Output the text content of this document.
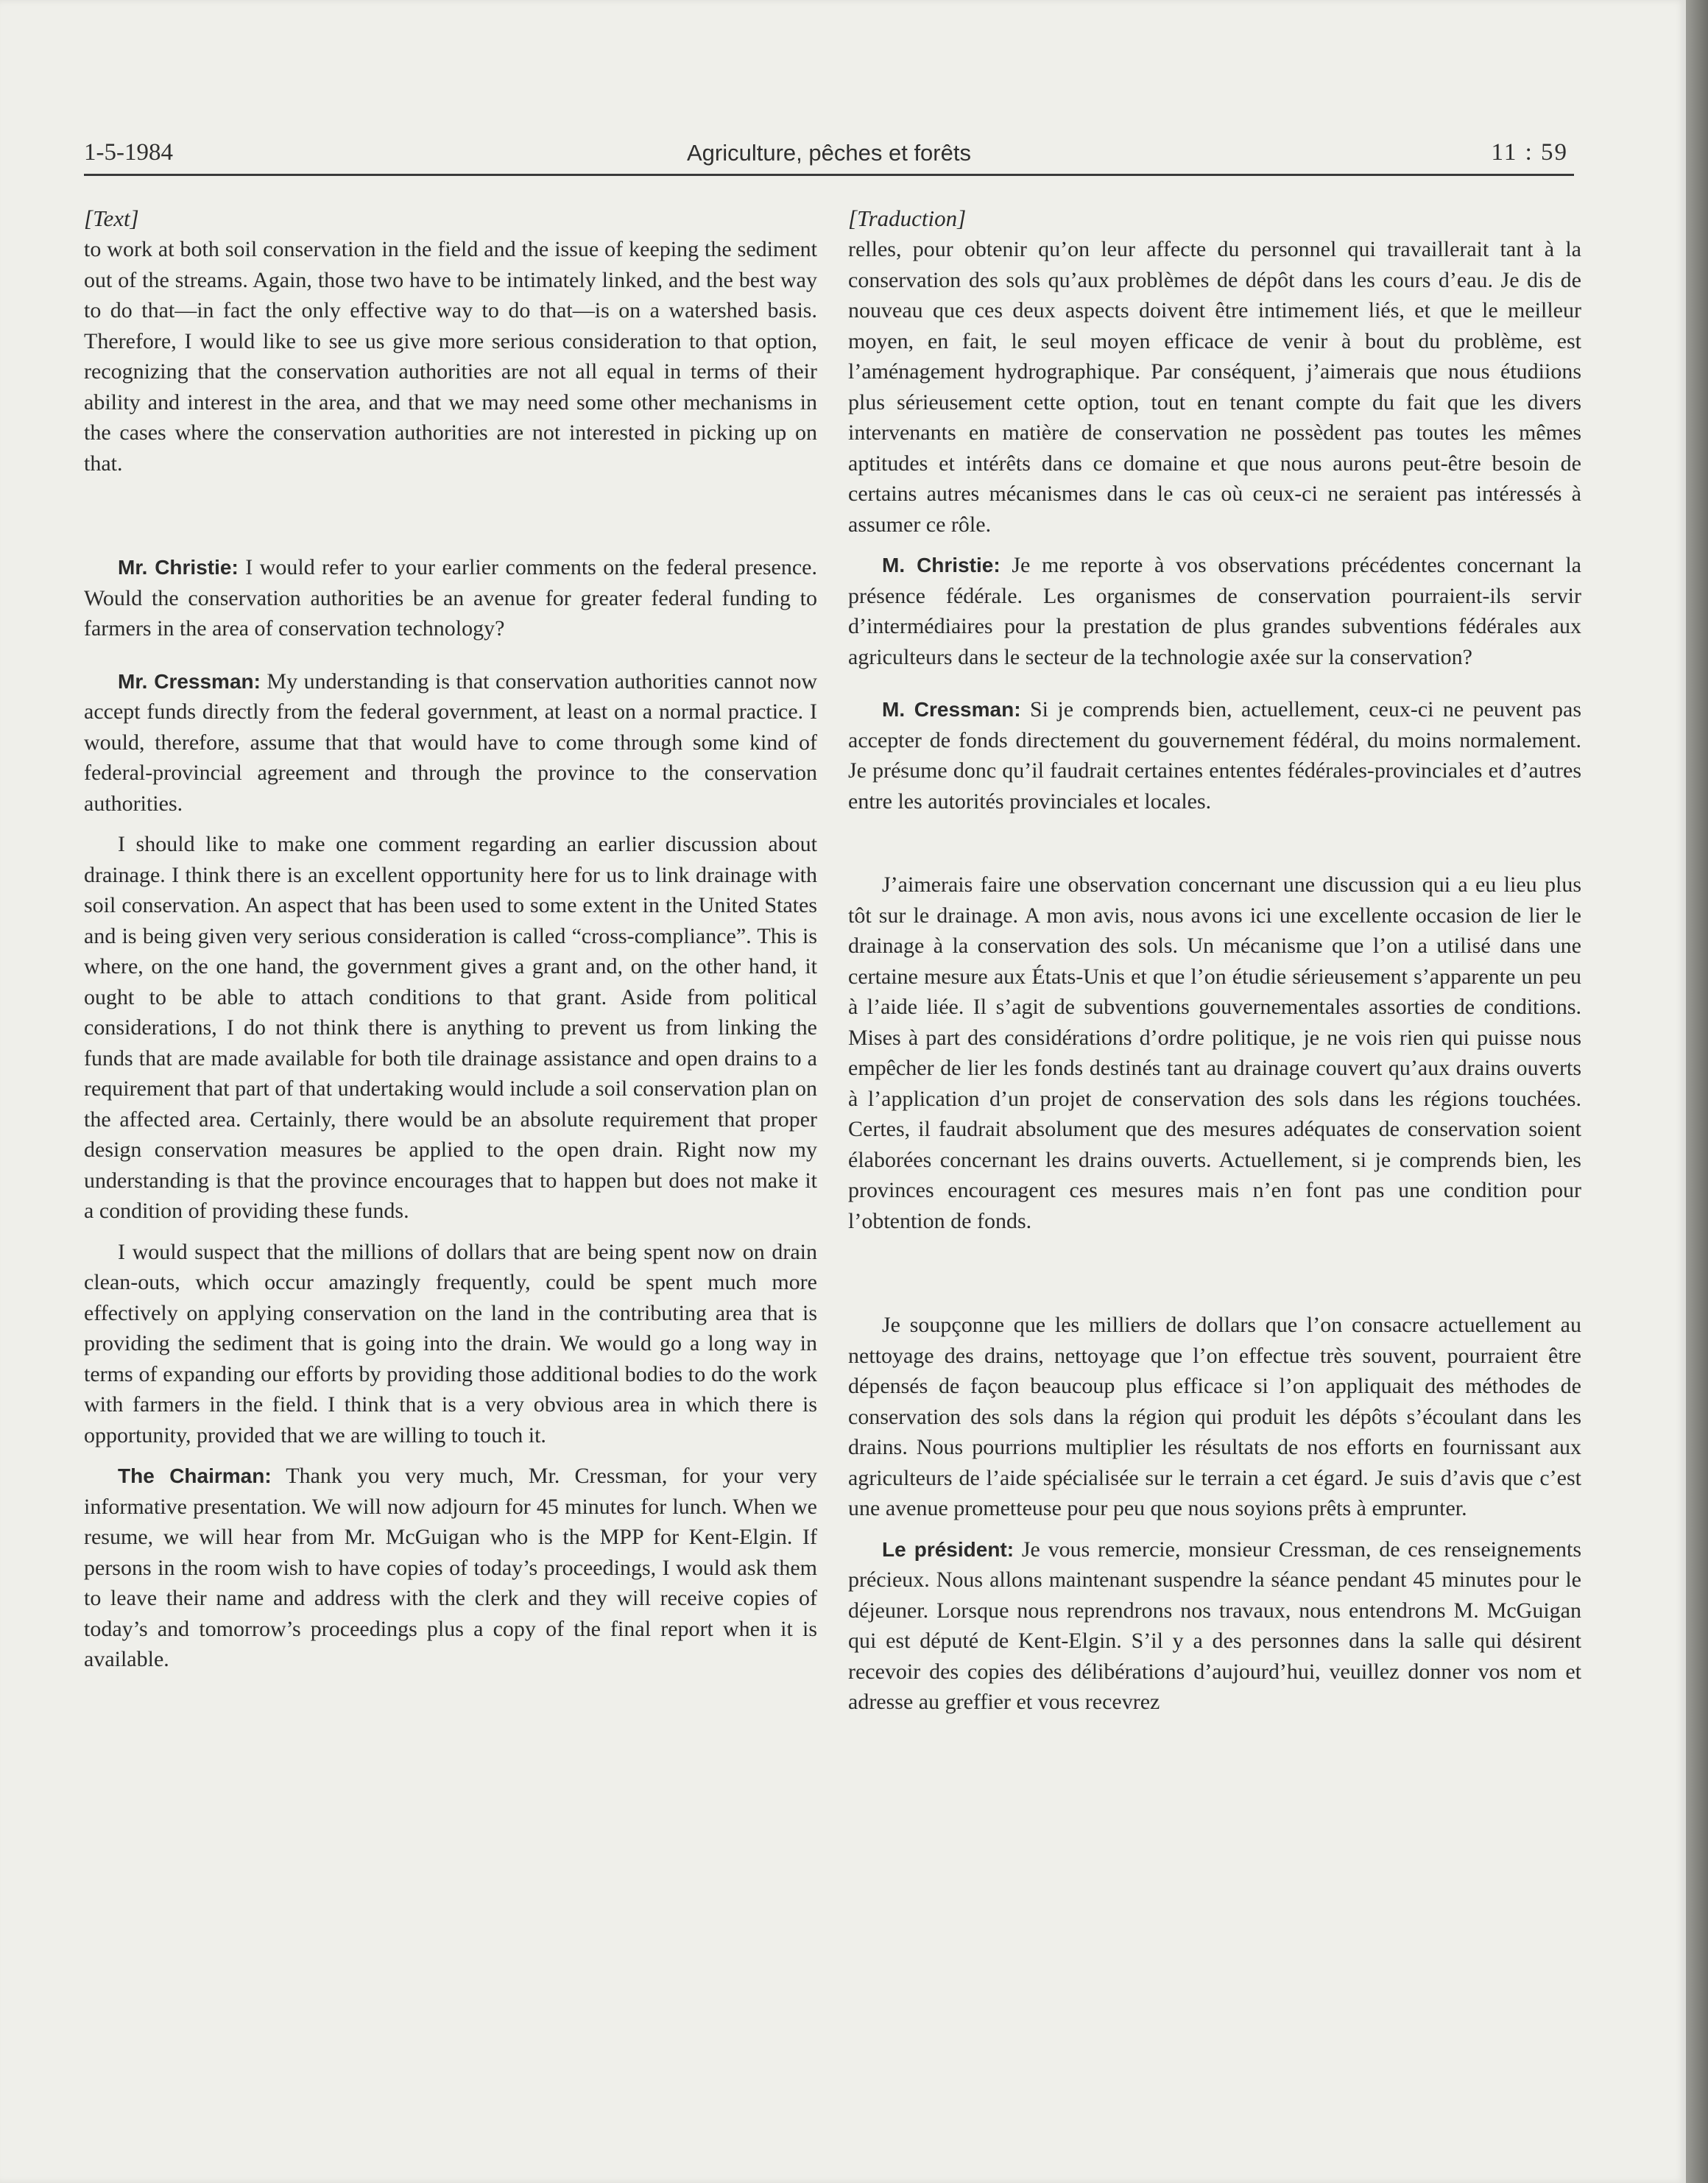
1-5-1984	Agriculture, pêches et forêts	11 : 59

[Text]

to work at both soil conservation in the field and the issue of keeping the sediment out of the streams. Again, those two have to be intimately linked, and the best way to do that—in fact the only effective way to do that—is on a watershed basis. Therefore, I would like to see us give more serious consideration to that option, recognizing that the conservation authorities are not all equal in terms of their ability and interest in the area, and that we may need some other mechanisms in the cases where the conservation authorities are not interested in picking up on that.

Mr. Christie: I would refer to your earlier comments on the federal presence. Would the conservation authorities be an avenue for greater federal funding to farmers in the area of conservation technology?

Mr. Cressman: My understanding is that conservation authorities cannot now accept funds directly from the federal government, at least on a normal practice. I would, therefore, assume that that would have to come through some kind of federal-provincial agreement and through the province to the conservation authorities.

I should like to make one comment regarding an earlier discussion about drainage. I think there is an excellent opportunity here for us to link drainage with soil conservation. An aspect that has been used to some extent in the United States and is being given very serious consideration is called “cross-compliance”. This is where, on the one hand, the government gives a grant and, on the other hand, it ought to be able to attach conditions to that grant. Aside from political considerations, I do not think there is anything to prevent us from linking the funds that are made available for both tile drainage assistance and open drains to a requirement that part of that undertaking would include a soil conservation plan on the affected area. Certainly, there would be an absolute requirement that proper design conservation measures be applied to the open drain. Right now my understanding is that the province encourages that to happen but does not make it a condition of providing these funds.

I would suspect that the millions of dollars that are being spent now on drain clean-outs, which occur amazingly frequently, could be spent much more effectively on applying conservation on the land in the contributing area that is providing the sediment that is going into the drain. We would go a long way in terms of expanding our efforts by providing those additional bodies to do the work with farmers in the field. I think that is a very obvious area in which there is opportunity, provided that we are willing to touch it.

The Chairman: Thank you very much, Mr. Cressman, for your very informative presentation. We will now adjourn for 45 minutes for lunch. When we resume, we will hear from Mr. McGuigan who is the MPP for Kent-Elgin. If persons in the room wish to have copies of today’s proceedings, I would ask them to leave their name and address with the clerk and they will receive copies of today’s and tomorrow’s proceedings plus a copy of the final report when it is available.

[Traduction]

relles, pour obtenir qu’on leur affecte du personnel qui travaillerait tant à la conservation des sols qu’aux problèmes de dépôt dans les cours d’eau. Je dis de nouveau que ces deux aspects doivent être intimement liés, et que le meilleur moyen, en fait, le seul moyen efficace de venir à bout du problème, est l’aménagement hydrographique. Par conséquent, j’aimerais que nous étudiions plus sérieusement cette option, tout en tenant compte du fait que les divers intervenants en matière de conservation ne possèdent pas toutes les mêmes aptitudes et intérêts dans ce domaine et que nous aurons peut-être besoin de certains autres mécanismes dans le cas où ceux-ci ne seraient pas intéressés à assumer ce rôle.

M. Christie: Je me reporte à vos observations précédentes concernant la présence fédérale. Les organismes de conservation pourraient-ils servir d’intermédiaires pour la prestation de plus grandes subventions fédérales aux agriculteurs dans le secteur de la technologie axée sur la conservation?

M. Cressman: Si je comprends bien, actuellement, ceux-ci ne peuvent pas accepter de fonds directement du gouvernement fédéral, du moins normalement. Je présume donc qu’il faudrait certaines ententes fédérales-provinciales et d’autres entre les autorités provinciales et locales.

J’aimerais faire une observation concernant une discussion qui a eu lieu plus tôt sur le drainage. A mon avis, nous avons ici une excellente occasion de lier le drainage à la conservation des sols. Un mécanisme que l’on a utilisé dans une certaine mesure aux États-Unis et que l’on étudie sérieusement s’apparente un peu à l’aide liée. Il s’agit de subventions gouvernementales assorties de conditions. Mises à part des considérations d’ordre politique, je ne vois rien qui puisse nous empêcher de lier les fonds destinés tant au drainage couvert qu’aux drains ouverts à l’application d’un projet de conservation des sols dans les régions touchées. Certes, il faudrait absolument que des mesures adéquates de conservation soient élaborées concernant les drains ouverts. Actuellement, si je comprends bien, les provinces encouragent ces mesures mais n’en font pas une condition pour l’obtention de fonds.

Je soupçonne que les milliers de dollars que l’on consacre actuellement au nettoyage des drains, nettoyage que l’on effectue très souvent, pourraient être dépensés de façon beaucoup plus efficace si l’on appliquait des méthodes de conservation des sols dans la région qui produit les dépôts s’écoulant dans les drains. Nous pourrions multiplier les résultats de nos efforts en fournissant aux agriculteurs de l’aide spécialisée sur le terrain a cet égard. Je suis d’avis que c’est une avenue prometteuse pour peu que nous soyions prêts à emprunter.

Le président: Je vous remercie, monsieur Cressman, de ces renseignements précieux. Nous allons maintenant suspendre la séance pendant 45 minutes pour le déjeuner. Lorsque nous reprendrons nos travaux, nous entendrons M. McGuigan qui est député de Kent-Elgin. S’il y a des personnes dans la salle qui désirent recevoir des copies des délibérations d’aujourd’hui, veuillez donner vos nom et adresse au greffier et vous recevrez
